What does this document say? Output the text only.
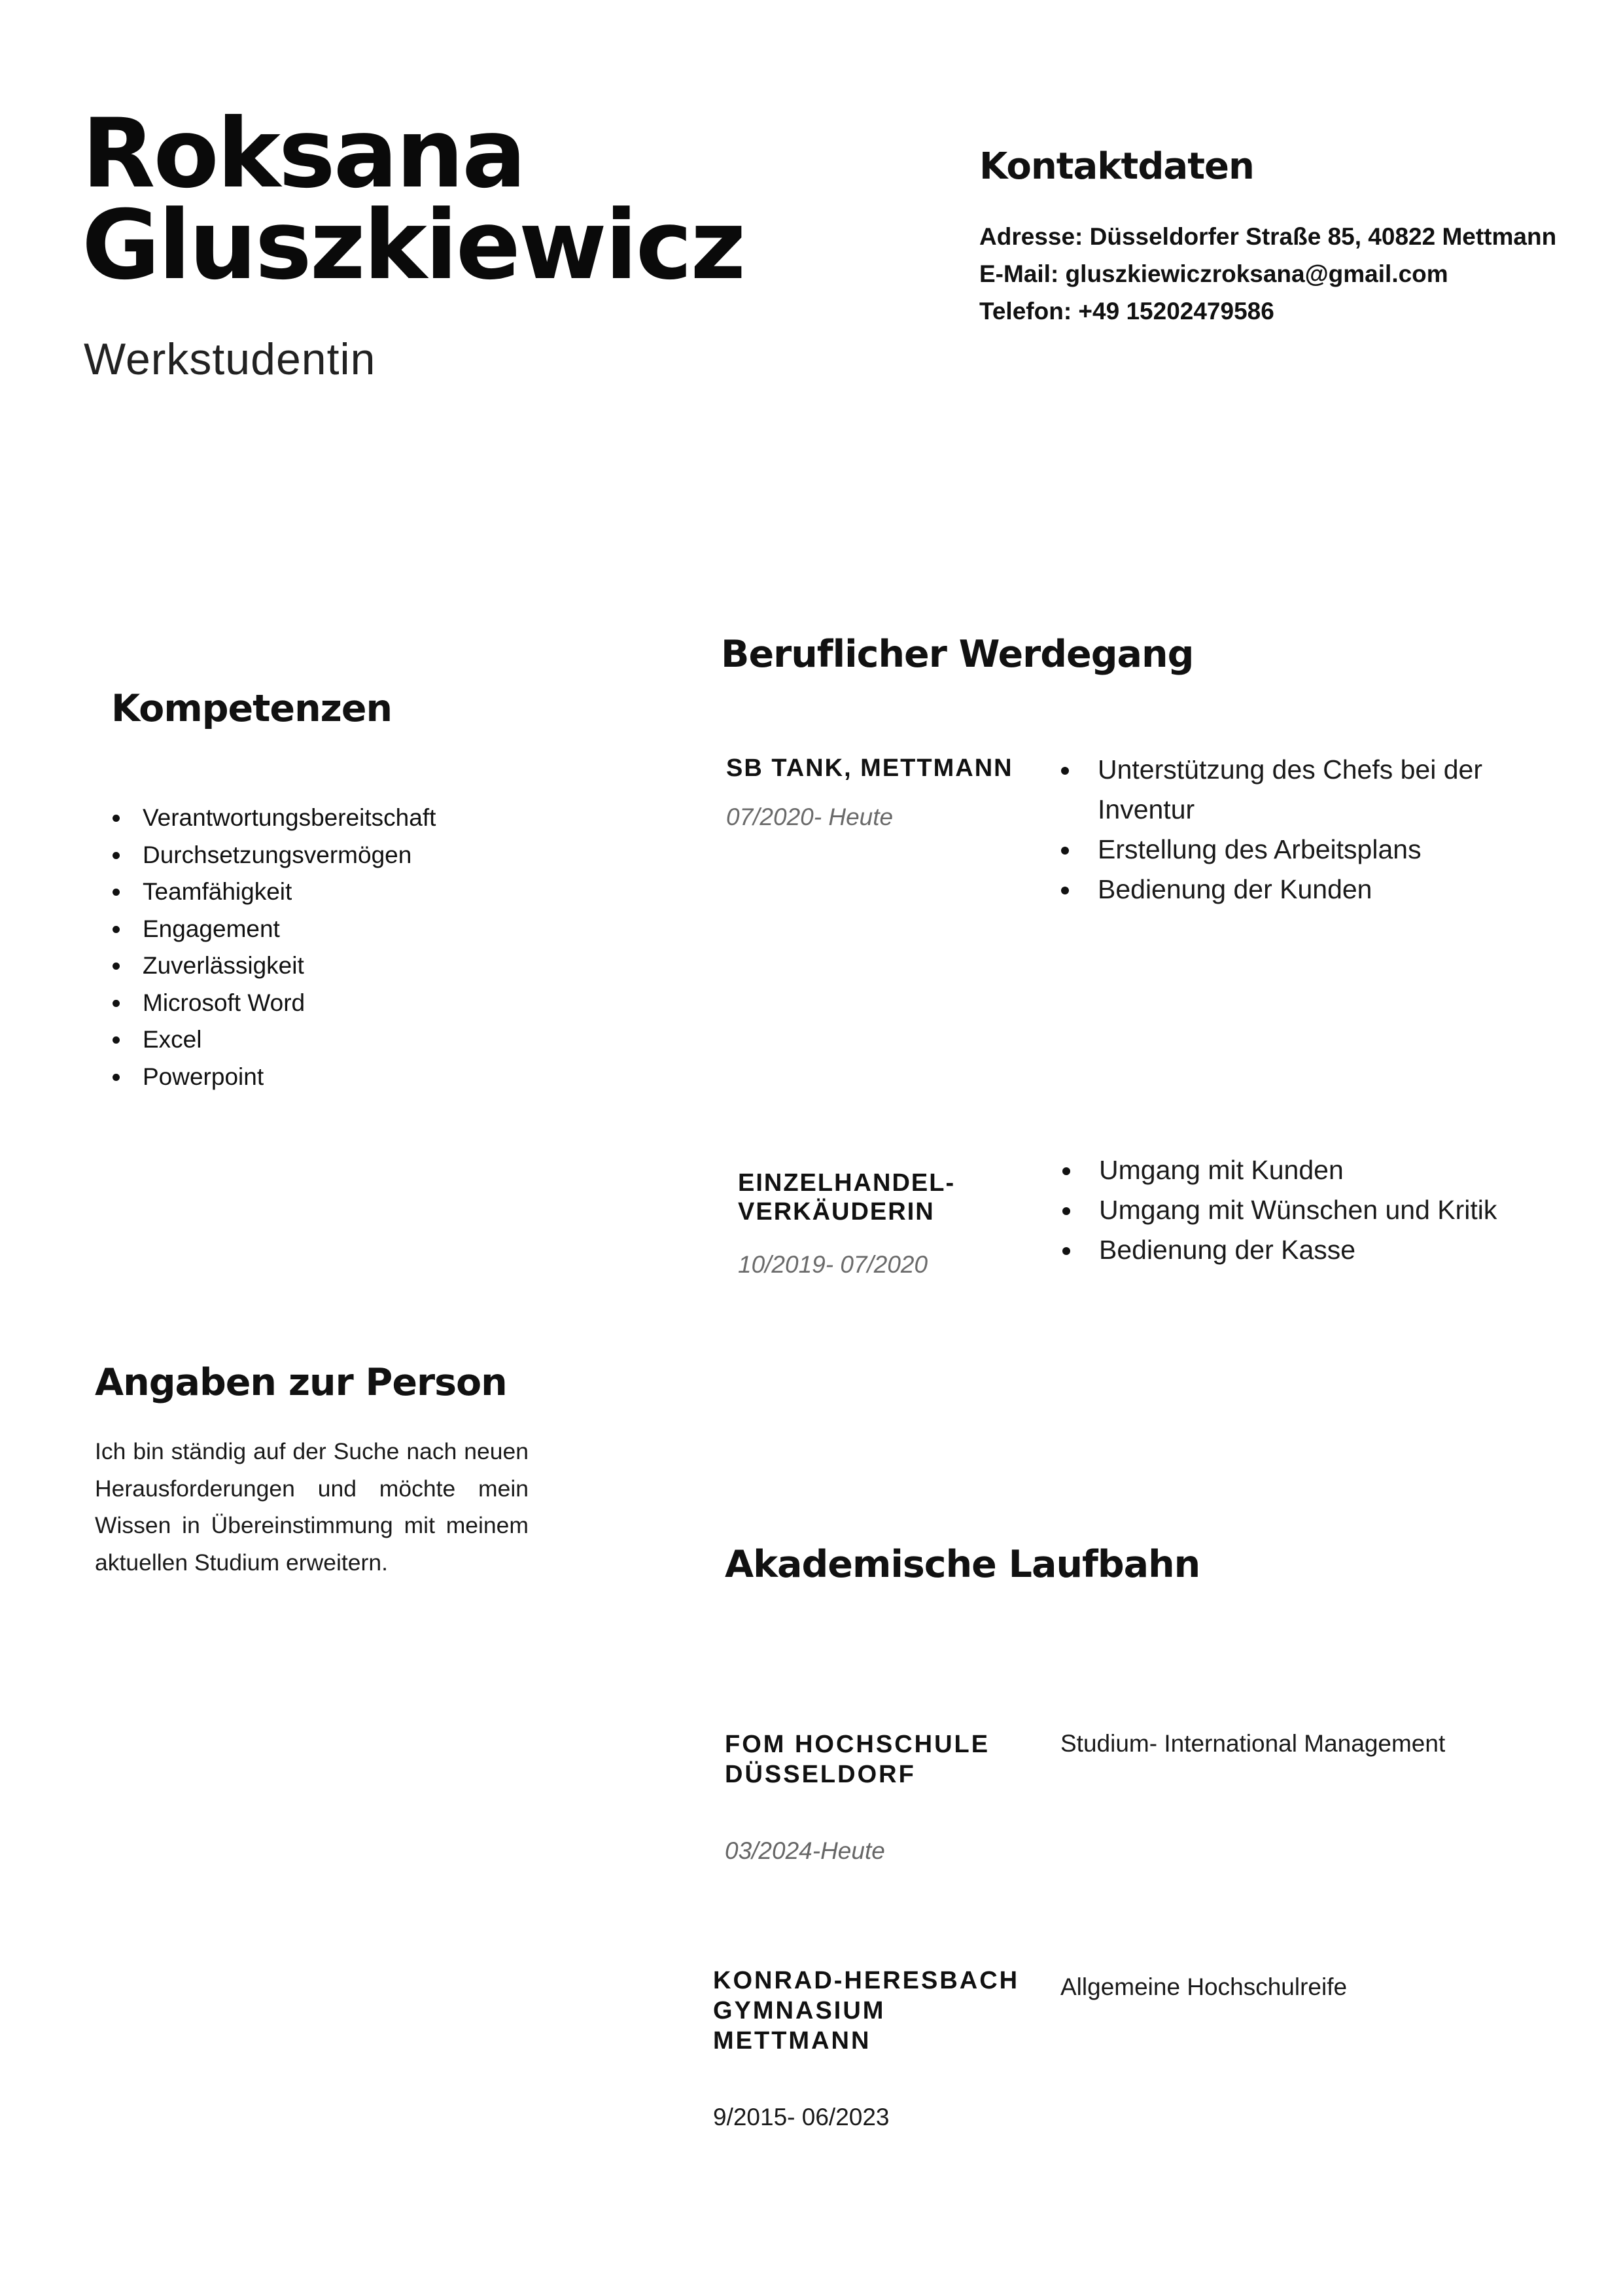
Roksana
Gluszkiewicz
Werkstudentin
Kontaktdaten
Adresse: Düsseldorfer Straße 85, 40822 Mettmann
E-Mail: gluszkiewiczroksana@gmail.com
Telefon: +49 15202479586
Kompetenzen
Verantwortungsbereitschaft
Durchsetzungsvermögen
Teamfähigkeit
Engagement
Zuverlässigkeit
Microsoft Word
Excel
Powerpoint
Beruflicher Werdegang
SB TANK, METTMANN
07/2020- Heute
Unterstützung des Chefs bei der Inventur
Erstellung des Arbeitsplans
Bedienung der Kunden
EINZELHANDEL-
VERKÄUDERIN
10/2019- 07/2020
Umgang mit Kunden
Umgang mit Wünschen und Kritik
Bedienung der Kasse
Angaben zur Person
Ich bin ständig auf der Suche nach neuen Herausforderungen und möchte mein Wissen in Übereinstimmung mit meinem aktuellen Studium erweitern.	Akademische Laufbahn
FOM HOCHSCHULE
DÜSSELDORF
Studium- International Management
03/2024-Heute
KONRAD-HERESBACH
GYMNASIUM
METTMANN
Allgemeine Hochschulreife
9/2015- 06/2023
